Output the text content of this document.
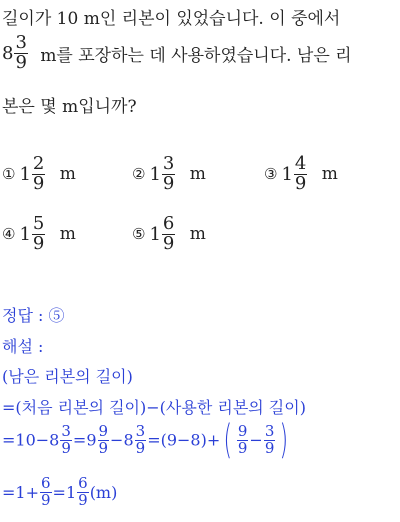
길이가 10 m인 리본이 있었습니다. 이 중에서
$8 \frac{3}{9}$ m를 포장하는 데 사용하였습니다. 남은 리
본은 몇 m입니까?
① $1 \frac{2}{9}$ m	② $1 \frac{3}{9}$ m	③ $1 \frac{4}{9}$ m
④ $1 \frac{5}{9}$ m	⑤ $1 \frac{6}{9}$ m
정답 : ⑤
해설 :
(남은 리본의 길이)
=(처음 리본의 길이)−(사용한 리본의 길이)
$=10-8 \frac{3}{9} =9 \frac{9}{9} -8 \frac{3}{9} =(9-8)+( \frac{9}{9} - \frac{3}{9}$ )
$=1+ \frac{6}{9} =1 \frac{6}{9} (m)$
